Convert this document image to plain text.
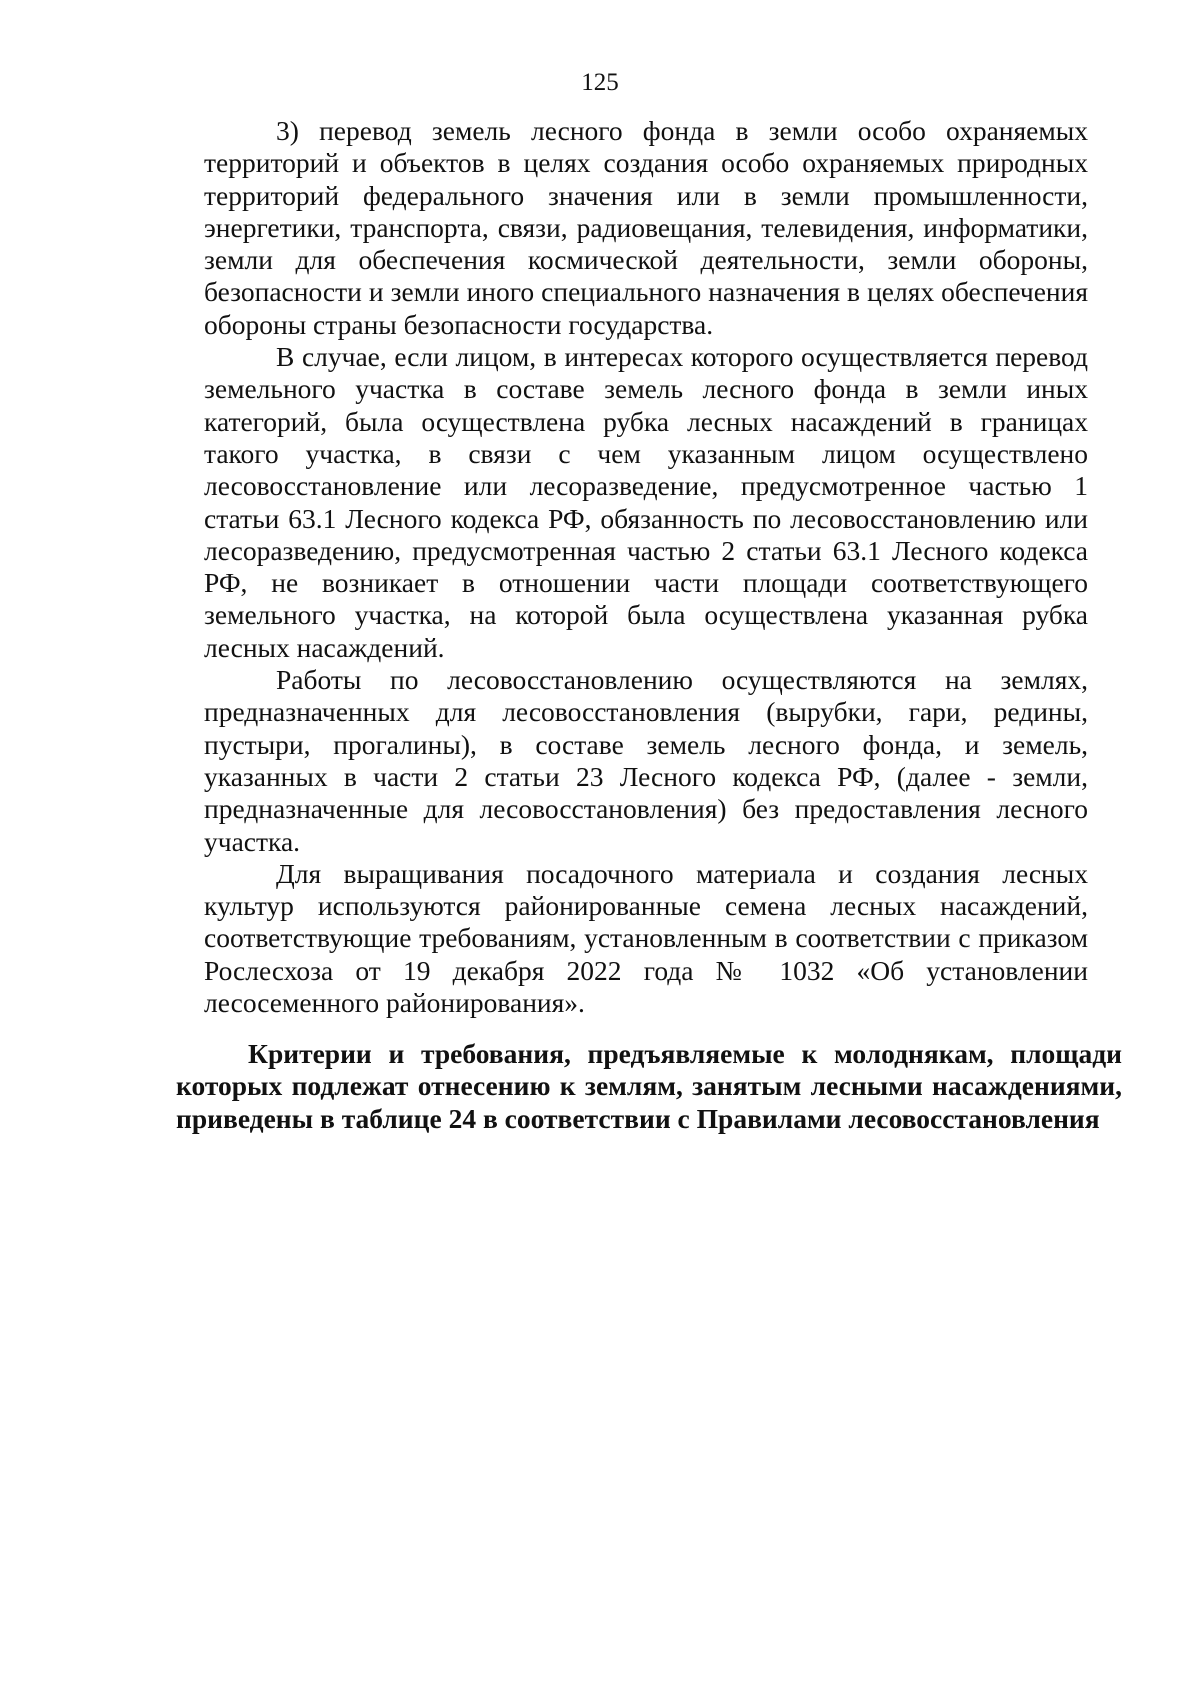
125

3) перевод земель лесного фонда в земли особо охраняемых территорий и объектов в целях создания особо охраняемых природных территорий федерального значения или в земли промышленности, энергетики, транспорта, связи, радиовещания, телевидения, информатики, земли для обеспечения космической деятельности, земли обороны, безопасности и земли иного специального назначения в целях обеспечения обороны страны безопасности государства.

В случае, если лицом, в интересах которого осуществляется перевод земельного участка в составе земель лесного фонда в земли иных категорий, была осуществлена рубка лесных насаждений в границах такого участка, в связи с чем указанным лицом осуществлено лесовосстановление или лесоразведение, предусмотренное частью 1 статьи 63.1 Лесного кодекса РФ, обязанность по лесовосстановлению или лесоразведению, предусмотренная частью 2 статьи 63.1 Лесного кодекса РФ, не возникает в отношении части площади соответствующего земельного участка, на которой была осуществлена указанная рубка лесных насаждений.

Работы по лесовосстановлению осуществляются на землях, предназначенных для лесовосстановления (вырубки, гари, редины, пустыри, прогалины), в составе земель лесного фонда, и земель, указанных в части 2 статьи 23 Лесного кодекса РФ, (далее - земли, предназначенные для лесовосстановления) без предоставления лесного участка.

Для выращивания посадочного материала и создания лесных культур используются районированные семена лесных насаждений, соответствующие требованиям, установленным в соответствии с приказом Рослесхоза от 19 декабря 2022 года № 1032 «Об установлении лесосеменного районирования».

Критерии и требования, предъявляемые к молоднякам, площади которых подлежат отнесению к землям, занятым лесными насаждениями, приведены в таблице 24 в соответствии с Правилами лесовосстановления
